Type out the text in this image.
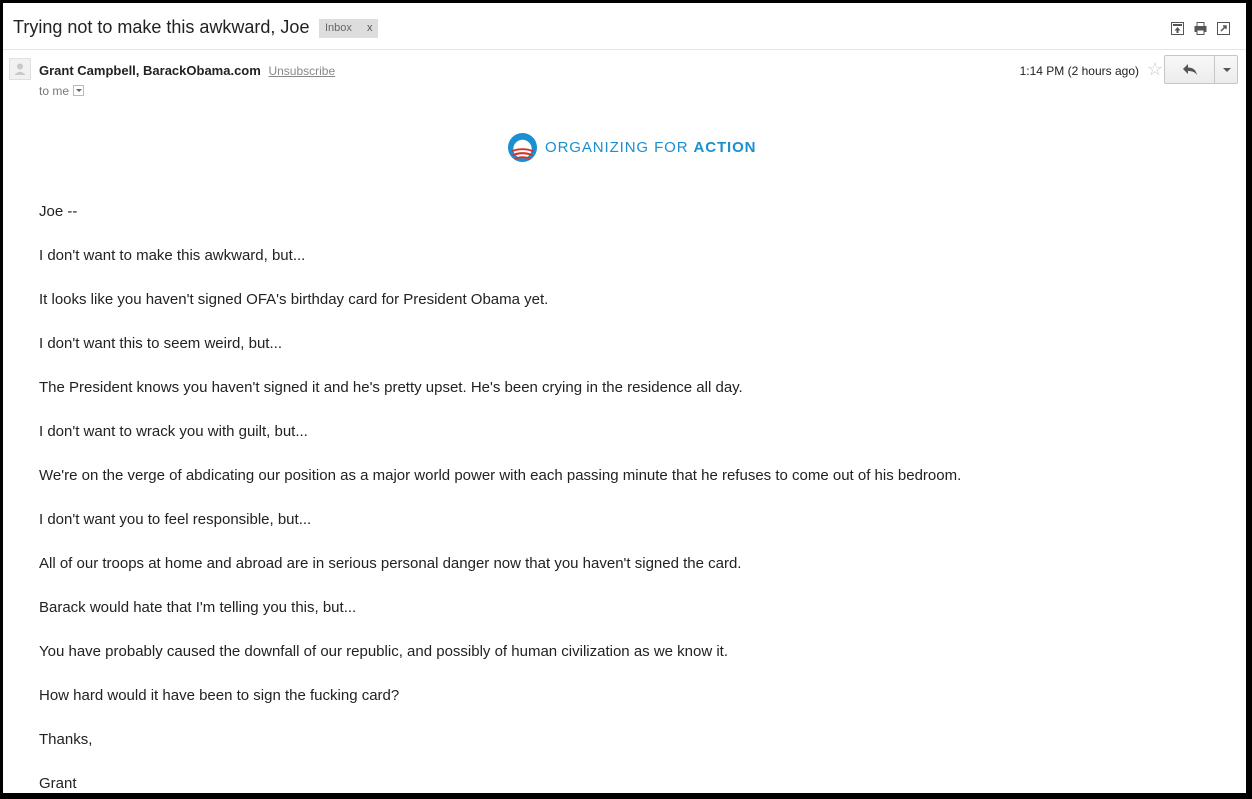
Trying not to make this awkward, Joe	Inbox x
Grant Campbell, BarackObama.com Unsubscribe
to me
1:14 PM (2 hours ago) ☆
ORGANIZING FOR ACTION

Joe --

I don't want to make this awkward, but...

It looks like you haven't signed OFA's birthday card for President Obama yet.

I don't want this to seem weird, but...

The President knows you haven't signed it and he's pretty upset. He's been crying in the residence all day.

I don't want to wrack you with guilt, but...

We're on the verge of abdicating our position as a major world power with each passing minute that he refuses to come out of his bedroom.

I don't want you to feel responsible, but...

All of our troops at home and abroad are in serious personal danger now that you haven't signed the card.

Barack would hate that I'm telling you this, but...

You have probably caused the downfall of our republic, and possibly of human civilization as we know it.

How hard would it have been to sign the fucking card?

Thanks,

Grant
